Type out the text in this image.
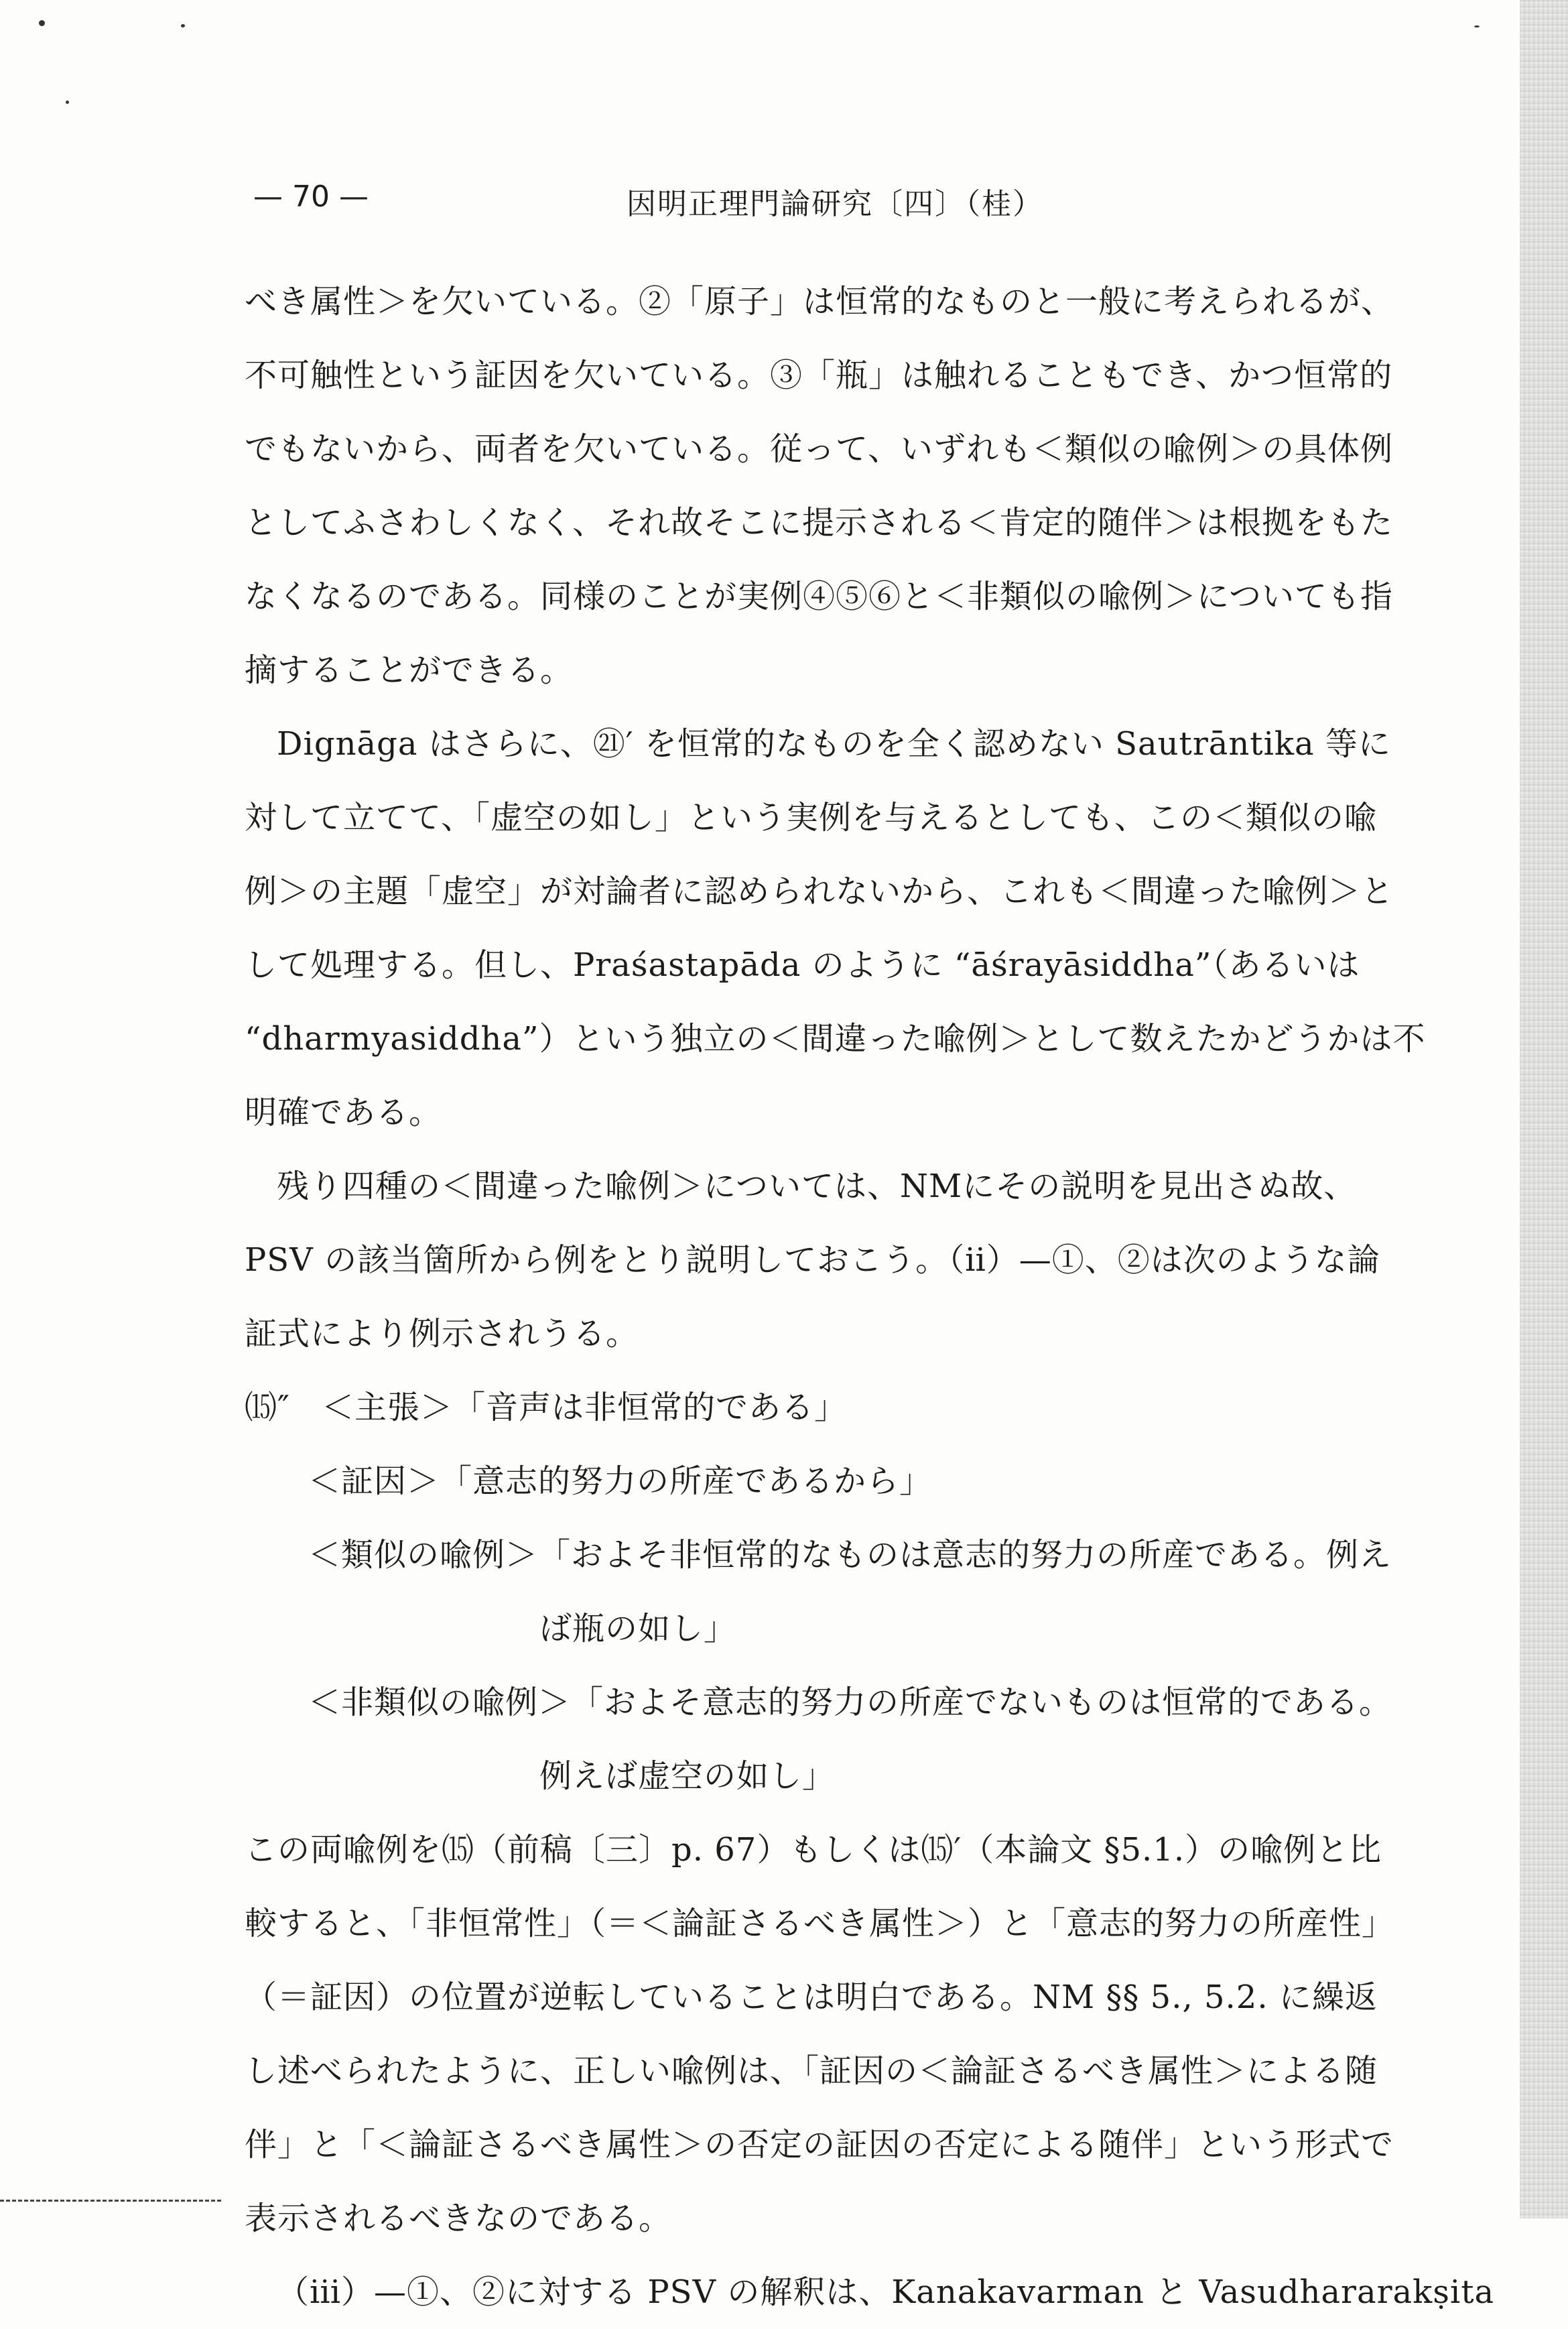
— 70 —	因明正理門論研究〔四〕（桂）
べき属性＞を欠いている。②「原子」は恒常的なものと一般に考えられるが、
不可触性という証因を欠いている。③「瓶」は触れることもでき、かつ恒常的
でもないから、両者を欠いている。従って、いずれも＜類似の喩例＞の具体例
としてふさわしくなく、それ故そこに提示される＜肯定的随伴＞は根拠をもた
なくなるのである。同様のことが実例④⑤⑥と＜非類似の喩例＞についても指
摘することができる。
Dignāga はさらに、㉑′ を恒常的なものを全く認めない Sautrāntika 等に
対して立てて、「虚空の如し」という実例を与えるとしても、この＜類似の喩
例＞の主題「虚空」が対論者に認められないから、これも＜間違った喩例＞と
して処理する。但し、Praśastapāda のように “āśrayāsiddha”（あるいは
“dharmyasiddha”）という独立の＜間違った喩例＞として数えたかどうかは不
明確である。
残り四種の＜間違った喩例＞については、NMにその説明を見出さぬ故、
PSV の該当箇所から例をとり説明しておこう。（ⅱ）—①、②は次のような論
証式により例示されうる。
⒂″ ＜主張＞「音声は非恒常的である」
＜証因＞「意志的努力の所産であるから」
＜類似の喩例＞「およそ非恒常的なものは意志的努力の所産である。例え
ば瓶の如し」
＜非類似の喩例＞「およそ意志的努力の所産でないものは恒常的である。
例えば虚空の如し」
この両喩例を⒂（前稿〔三〕p. 67）もしくは⒂′（本論文 §5.1.）の喩例と比
較すると、「非恒常性」（＝＜論証さるべき属性＞）と「意志的努力の所産性」
（＝証因）の位置が逆転していることは明白である。NM §§ 5., 5.2. に繰返
し述べられたように、正しい喩例は、「証因の＜論証さるべき属性＞による随
伴」と「＜論証さるべき属性＞の否定の証因の否定による随伴」という形式で
表示されるべきなのである。
（ⅲ）—①、②に対する PSV の解釈は、Kanakavarman と Vasudhararakṣita
